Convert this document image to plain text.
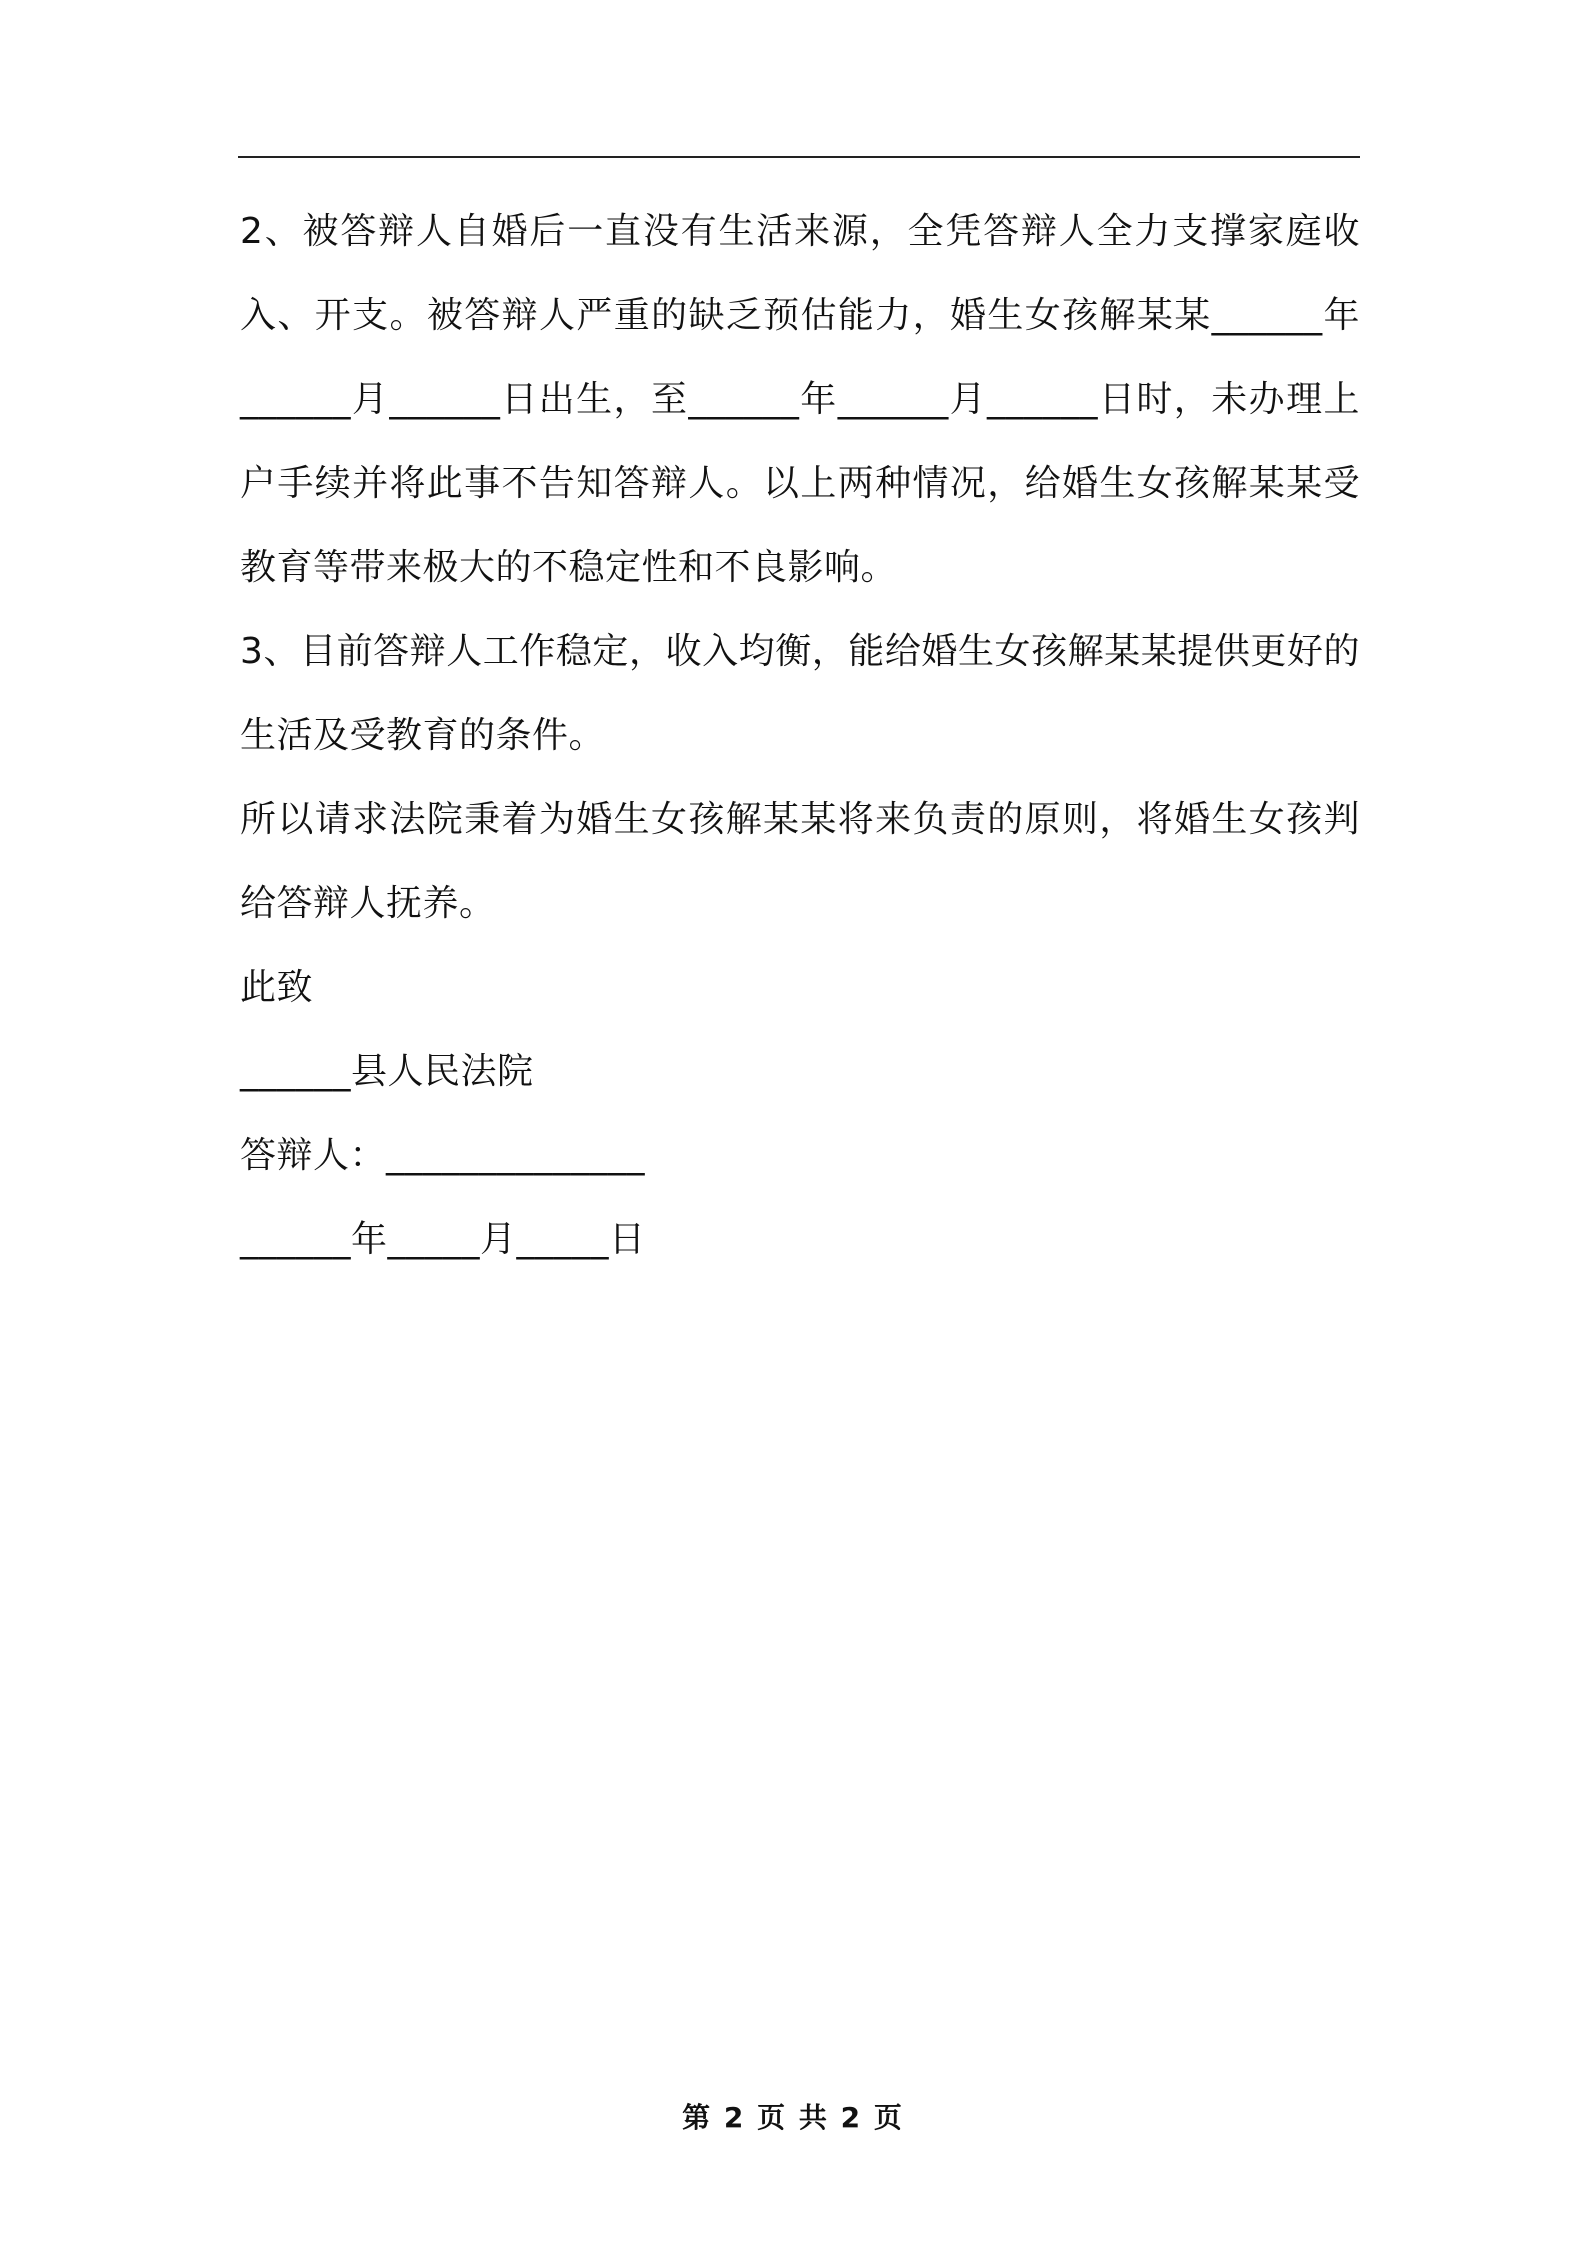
2、被答辩人自婚后一直没有生活来源，全凭答辩人全力支撑家庭收入、开支。被答辩人严重的缺乏预估能力，婚生女孩解某某______年______月______日出生，至______年______月______日时，未办理上户手续并将此事不告知答辩人。以上两种情况，给婚生女孩解某某受教育等带来极大的不稳定性和不良影响。

3、目前答辩人工作稳定，收入均衡，能给婚生女孩解某某提供更好的生活及受教育的条件。

所以请求法院秉着为婚生女孩解某某将来负责的原则，将婚生女孩判给答辩人抚养。

此致

______县人民法院

答辩人：______________

______年_____月_____日

第 2 页 共 2 页
